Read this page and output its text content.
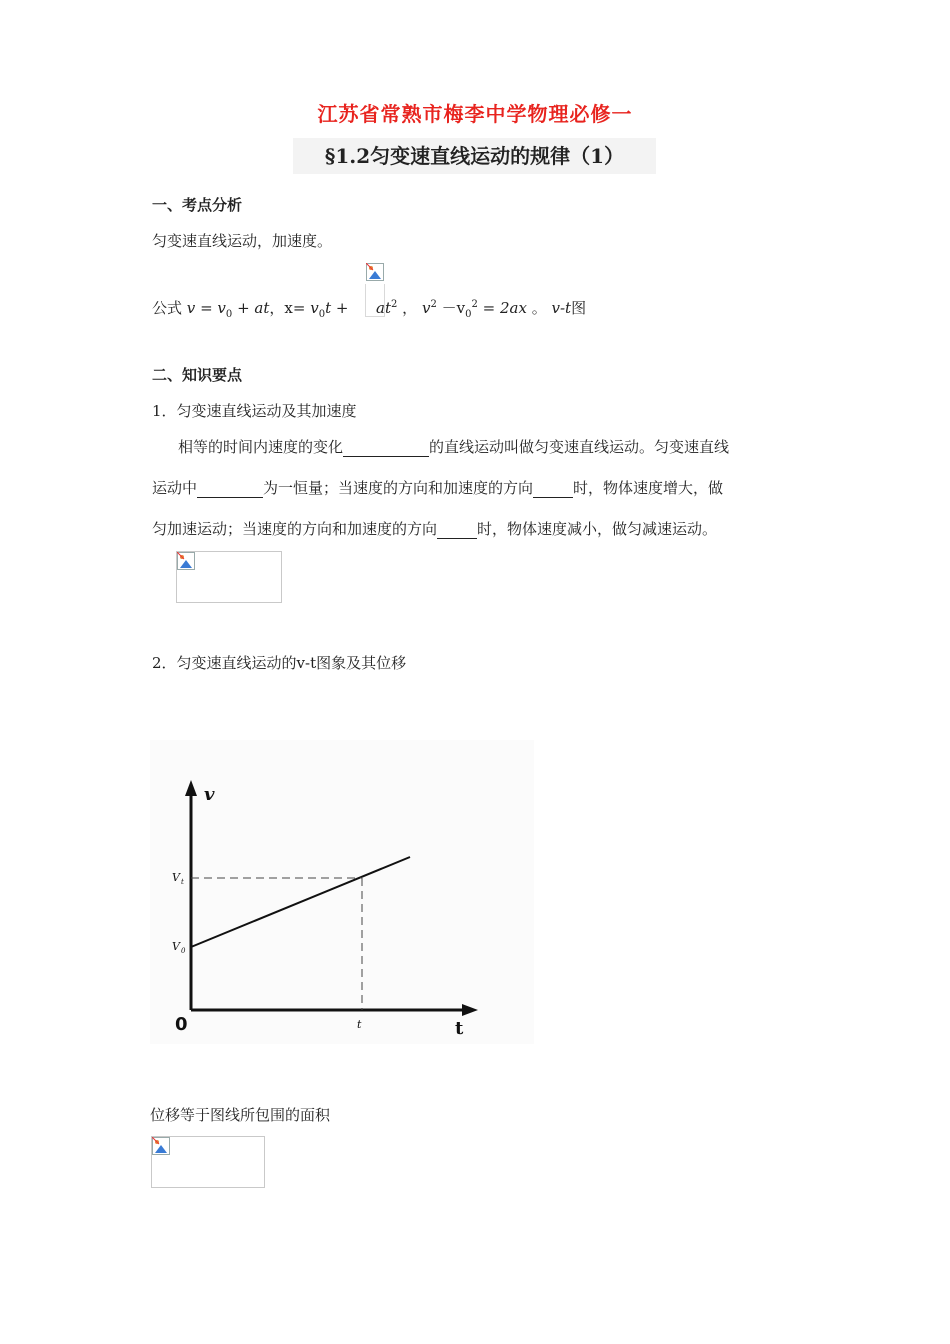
江苏省常熟市梅李中学物理必修一
§1.2匀变速直线运动的规律（1）
一、考点分析
匀变速直线运动，加速度。
公式 $v = v_0$ + at，$x= v_0t + at^2$ ， $v^2 -v_0^2 = 2ax$ 。 v-t图
二、知识要点
1．匀变速直线运动及其加速度
相等的时间内速度的变化	的直线运动叫做匀变速直线运动。匀变速直线
运动中	为一恒量；当速度的方向和加速度的方向	时，物体速度增大，做
匀加速运动；当速度的方向和加速度的方向	时，物体速度减小，做匀减速运动。
2．匀变速直线运动的v-t图象及其位移
v
t
0
V t
V 0
t
位移等于图线所包围的面积
